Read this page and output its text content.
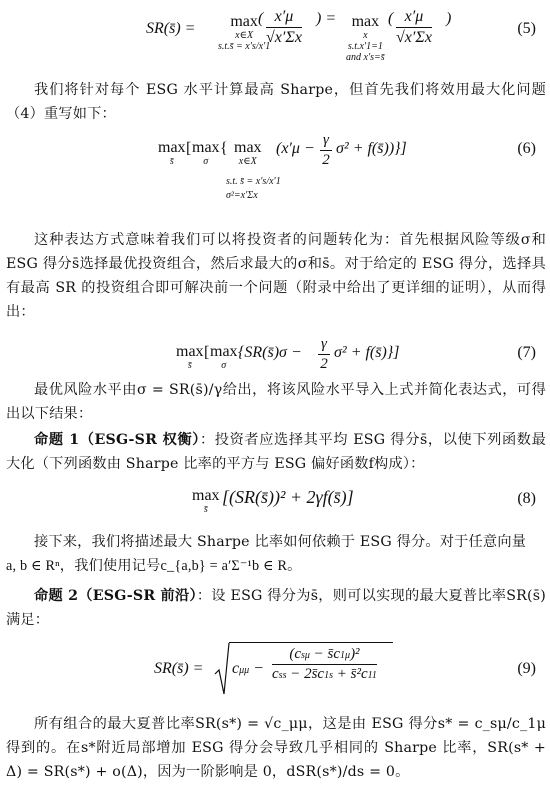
SR(s̄) =	max
x∈X
s.t.s̄ = x′s/x′1
( $\frac{x'\mu}{√x'\Sigma x}$ ) = max
x
s.t.x′1=1
and x′s=s̄
( $\frac{x'\mu}{√x'\Sigma x}$ )
(5)
我们将针对每个 ESG 水平计算最高 Sharpe，但首先我们将效用最大化问题（4）重写如下：
max
s̄
[ max
σ
{ max
x∈X
($x'\mu - \frac{\gamma}{2} \sigma^2$ + f(s̄))}]
s.t. s̄ = x′s/x′1
σ²=x′Σx
(6)
这种表达方式意味着我们可以将投资者的问题转化为：首先根据风险等级σ和 ESG 得分s̄选择最优投资组合，然后求最大的σ和s̄。对于给定的 ESG 得分，选择具有最高 SR 的投资组合即可解决前一个问题（附录中给出了更详细的证明），从而得出：
max
s̄
[ max
σ
{SR(s̄)σ − $\frac{\gamma}{2} \sigma^2$ + f(s̄)}]	(7)
最优风险水平由σ = SR(s̄)/γ给出，将该风险水平导入上式并简化表达式，可得出以下结果：
命题 1（ESG-SR 权衡）：投资者应选择其平均 ESG 得分s̄，以使下列函数最大化（下列函数由 Sharpe 比率的平方与 ESG 偏好函数f构成）：
max
s̄
[(SR(s̄))² + 2γf(s̄)]	(8)
接下来，我们将描述最大 Sharpe 比率如何依赖于 ESG 得分。对于任意向量
a, b ∈ Rⁿ，我们使用记号c_{a,b} = a′Σ⁻¹b ∈ R。
命题 2（ESG-SR 前沿）：设 ESG 得分为s̄，则可以实现的最大夏普比率SR(s̄)满足：
SR(s̄) = cμμ −
(csμ − s̄c1μ)²
css − 2s̄c1s + s̄²c11	(9)
所有组合的最大夏普比率SR(s*) = √c_μμ，这是由 ESG 得分s* = c_sμ/c_1μ得到的。在s*附近局部增加 ESG 得分会导致几乎相同的 Sharpe 比率，SR(s* + Δ) = SR(s*) + o(Δ)，因为一阶影响是 0，dSR(s*)/ds = 0。
